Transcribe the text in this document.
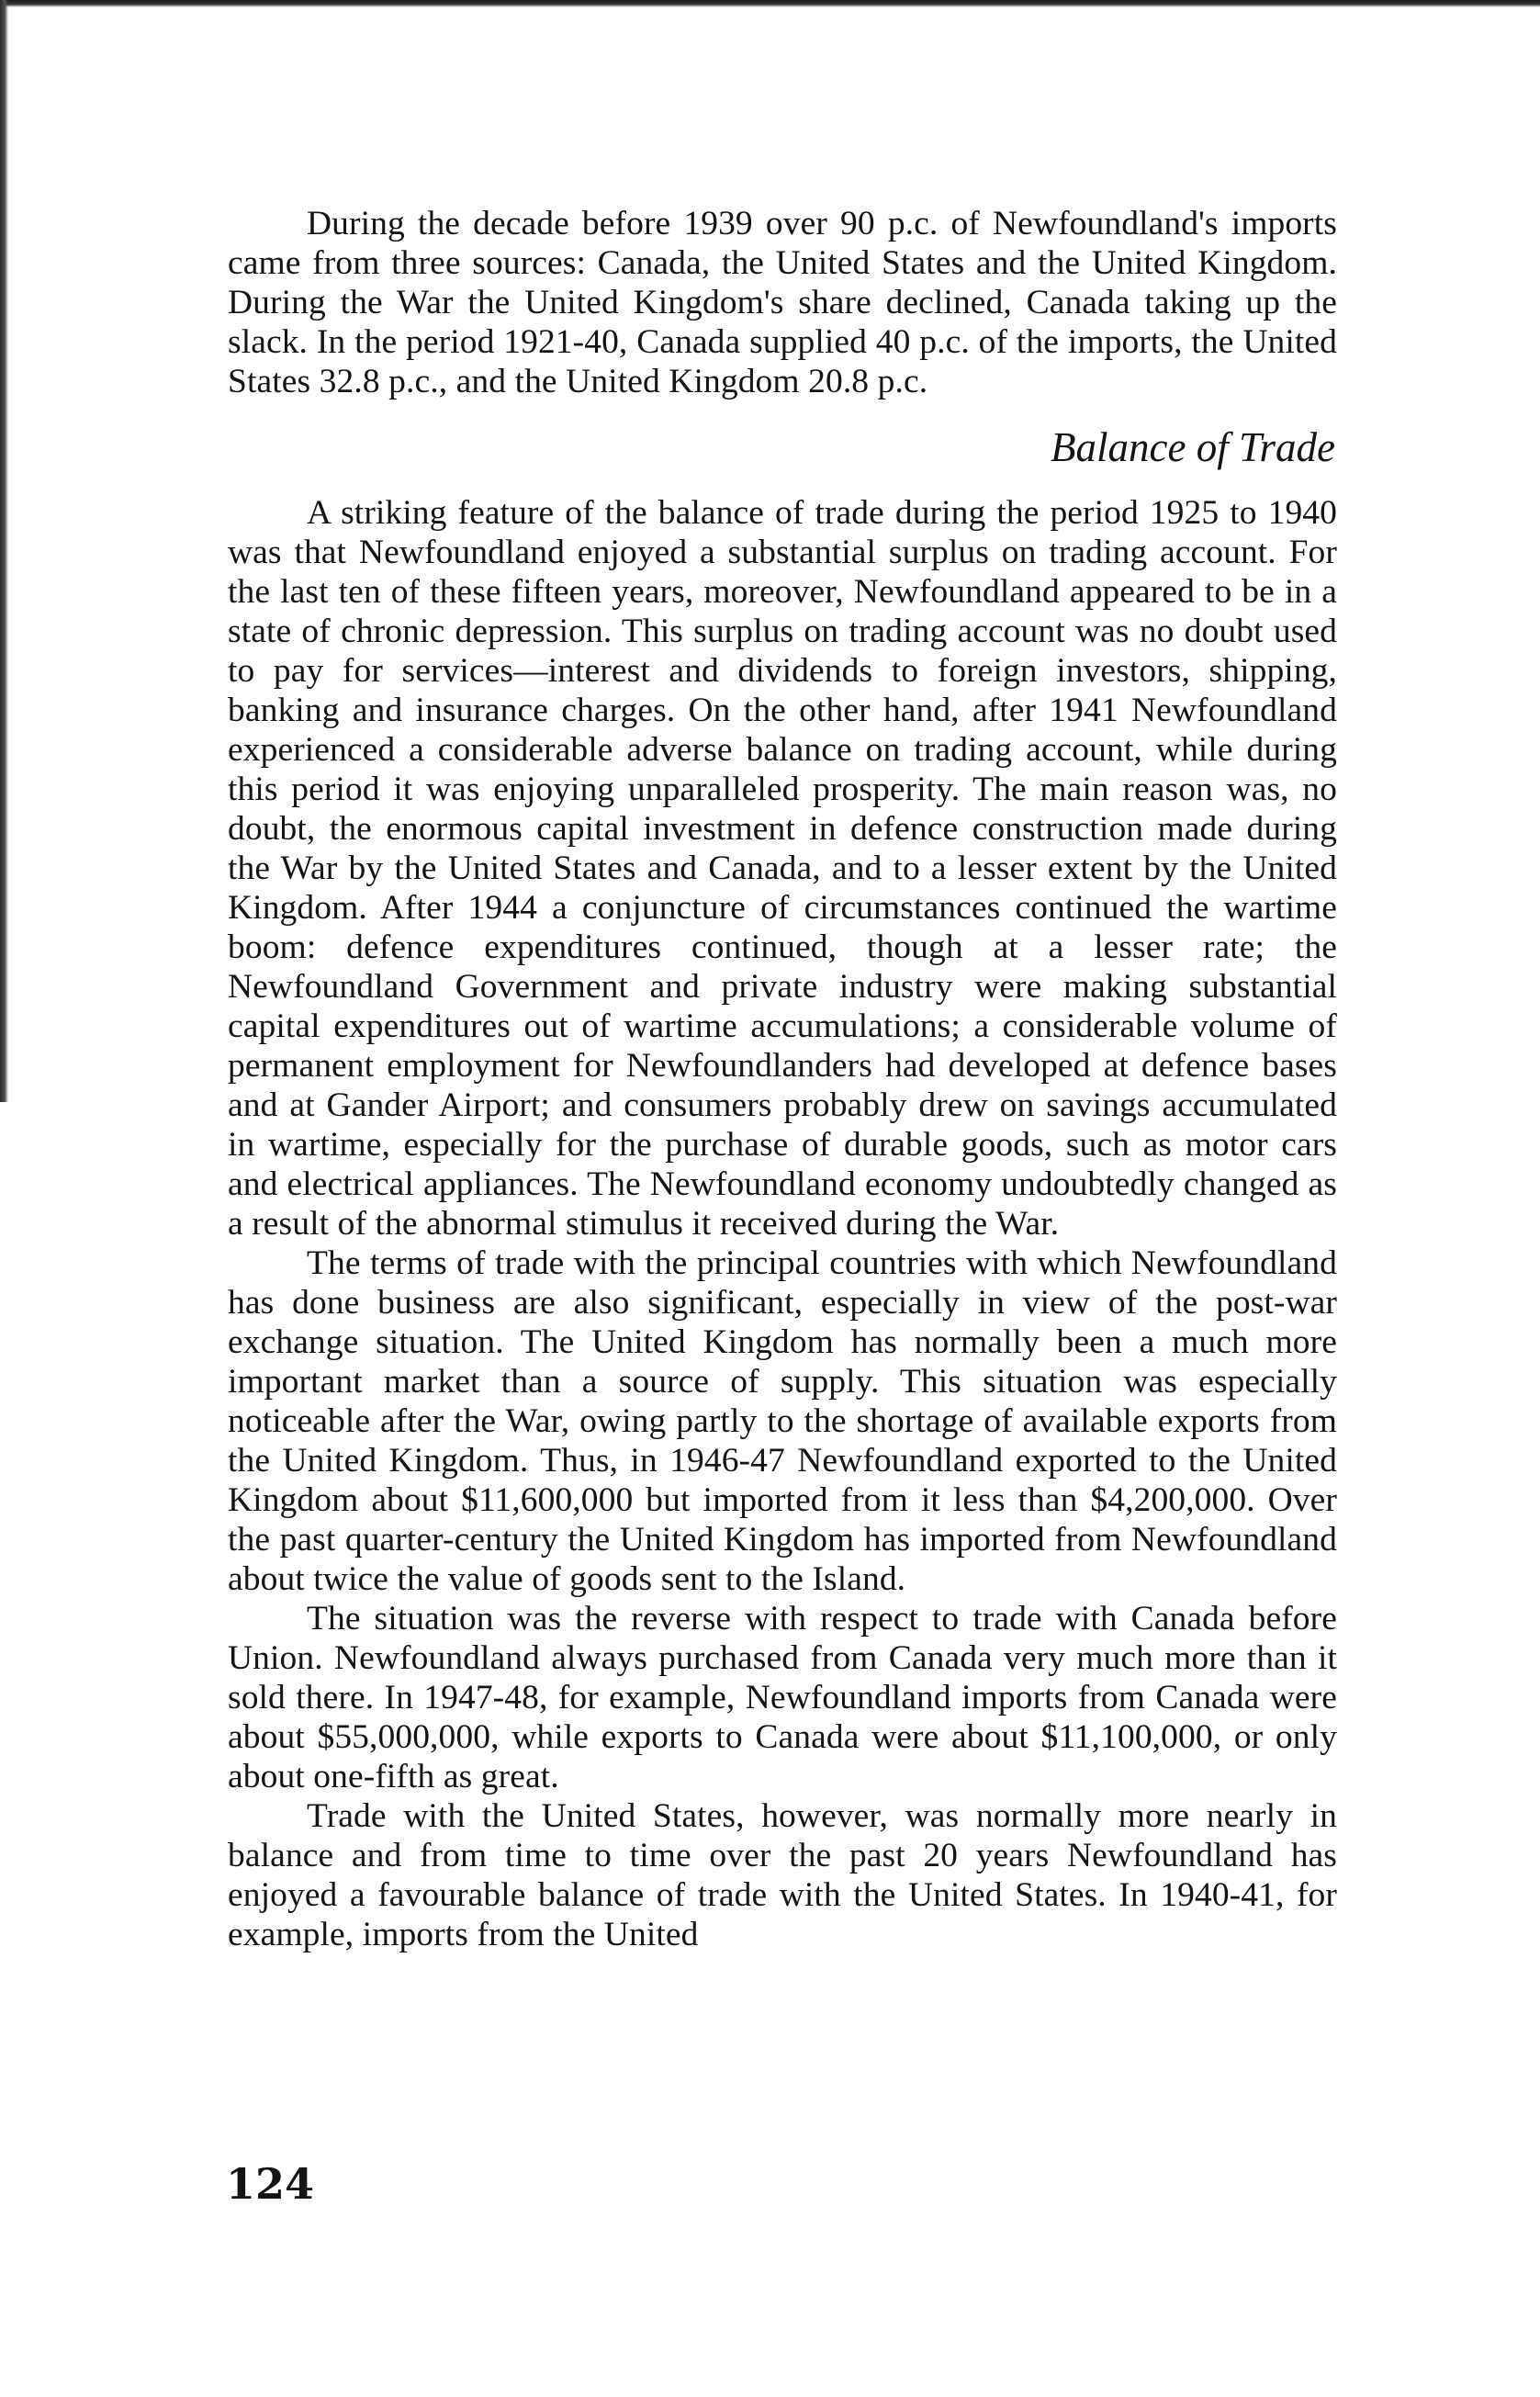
During the decade before 1939 over 90 p.c. of Newfoundland's imports came from three sources: Canada, the United States and the United Kingdom. During the War the United Kingdom's share declined, Canada taking up the slack. In the period 1921-40, Canada supplied 40 p.c. of the imports, the United States 32.8 p.c., and the United Kingdom 20.8 p.c.

Balance of Trade

A striking feature of the balance of trade during the period 1925 to 1940 was that Newfoundland enjoyed a substantial surplus on trading account. For the last ten of these fifteen years, moreover, Newfoundland appeared to be in a state of chronic depression. This surplus on trading account was no doubt used to pay for services—interest and dividends to foreign investors, shipping, banking and insurance charges. On the other hand, after 1941 Newfoundland experienced a considerable adverse balance on trading account, while during this period it was enjoying unparalleled prosperity. The main reason was, no doubt, the enormous capital investment in defence construction made during the War by the United States and Canada, and to a lesser extent by the United Kingdom. After 1944 a conjuncture of circumstances continued the wartime boom: defence expenditures continued, though at a lesser rate; the Newfoundland Government and private industry were making substantial capital expenditures out of wartime accumulations; a considerable volume of permanent employment for Newfoundlanders had developed at defence bases and at Gander Airport; and consumers probably drew on savings accumulated in wartime, especially for the purchase of durable goods, such as motor cars and electrical appliances. The Newfoundland economy undoubtedly changed as a result of the abnormal stimulus it received during the War.

The terms of trade with the principal countries with which Newfoundland has done business are also significant, especially in view of the post-war exchange situation. The United Kingdom has normally been a much more important market than a source of supply. This situation was especially noticeable after the War, owing partly to the shortage of available exports from the United Kingdom. Thus, in 1946-47 Newfoundland exported to the United Kingdom about $11,600,000 but imported from it less than $4,200,000. Over the past quarter-century the United Kingdom has imported from Newfoundland about twice the value of goods sent to the Island.

The situation was the reverse with respect to trade with Canada before Union. Newfoundland always purchased from Canada very much more than it sold there. In 1947-48, for example, Newfoundland imports from Canada were about $55,000,000, while exports to Canada were about $11,100,000, or only about one-fifth as great.

Trade with the United States, however, was normally more nearly in balance and from time to time over the past 20 years Newfoundland has enjoyed a favourable balance of trade with the United States. In 1940-41, for example, imports from the United

124
